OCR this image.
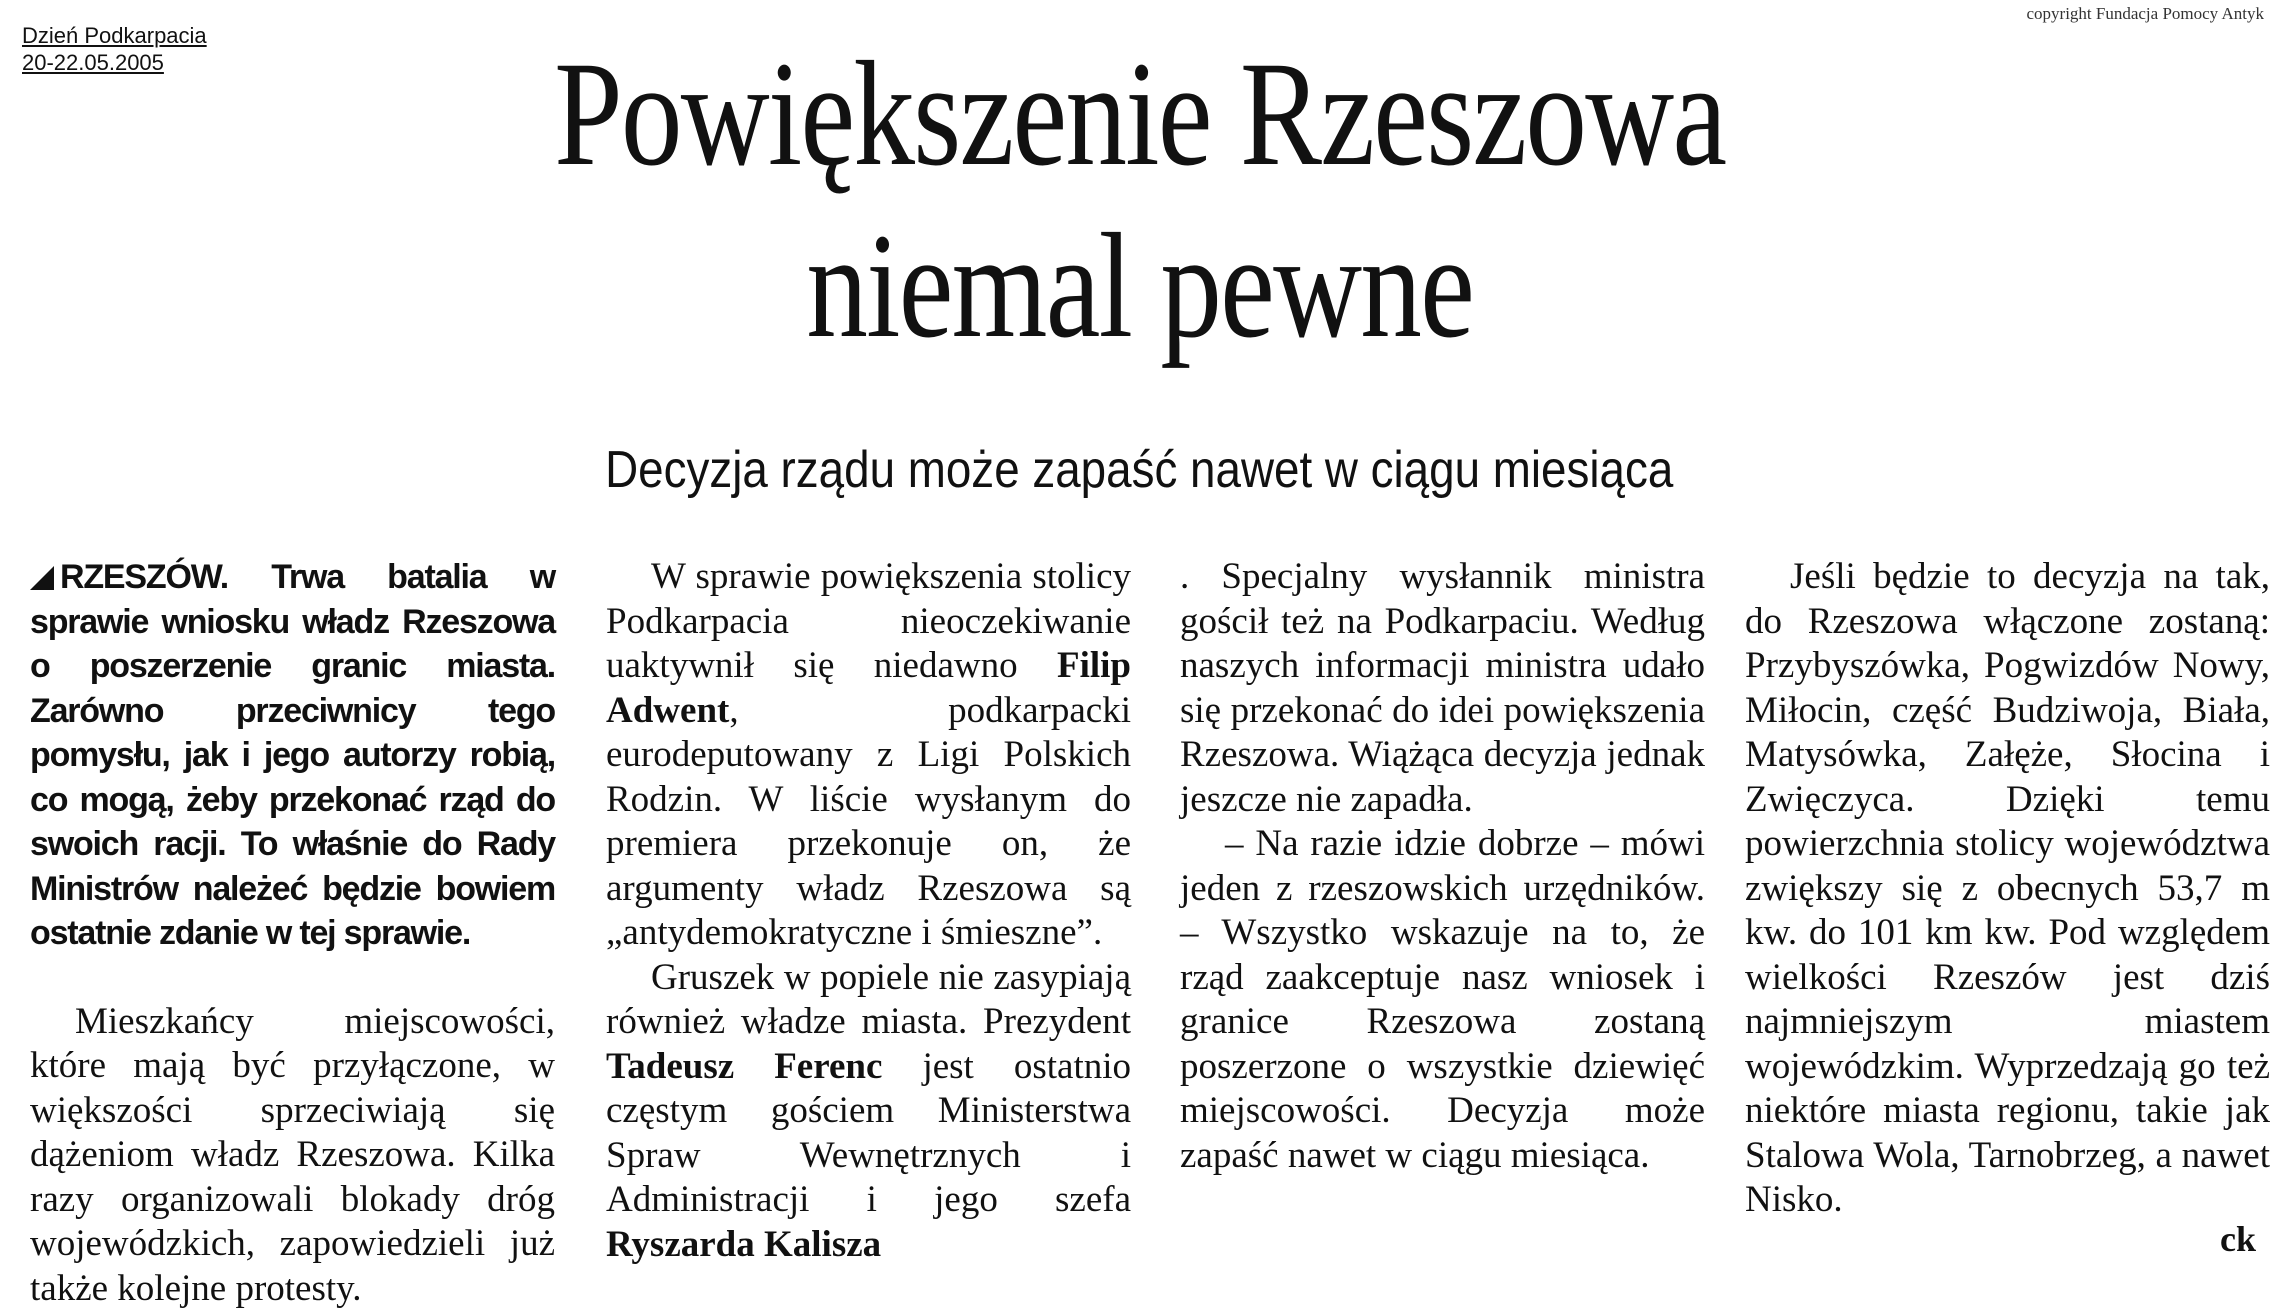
Dzień Podkarpacia
20-22.05.2005
copyright Fundacja Pomocy Antyk
Powiększenie Rzeszowa
niemal pewne
Decyzja rządu może zapaść nawet w ciągu miesiąca
RZESZÓW. Trwa batalia w sprawie wniosku władz Rzeszowa o poszerzenie granic miasta. Zarówno przeciwnicy tego pomysłu, jak i jego autorzy robią, co mogą, żeby przekonać rząd do swoich racji. To właśnie do Rady Ministrów należeć będzie bowiem ostatnie zdanie w tej sprawie.

Mieszkańcy miejscowości, które mają być przyłączone, w większości sprzeciwiają się dążeniom władz Rzeszowa. Kilka razy organizowali blokady dróg wojewódzkich, zapowiedzieli już także kolejne protesty.

W sprawie powiększenia stolicy Podkarpacia nieoczekiwanie uaktywnił się niedawno Filip Adwent, podkarpacki eurodeputowany z Ligi Polskich Rodzin. W liście wysłanym do premiera przekonuje on, że argumenty władz Rzeszowa są „antydemokratyczne i śmieszne”.

Gruszek w popiele nie zasypiają również władze miasta. Prezydent Tadeusz Ferenc jest ostatnio częstym gościem Ministerstwa Spraw Wewnętrznych i Administracji i jego szefa Ryszarda Kalisza

. Specjalny wysłannik ministra gościł też na Podkarpaciu. Według naszych informacji ministra udało się przekonać do idei powiększenia Rzeszowa. Wiążąca decyzja jednak jeszcze nie zapadła.

– Na razie idzie dobrze – mówi jeden z rzeszowskich urzędników. – Wszystko wskazuje na to, że rząd zaakceptuje nasz wniosek i granice Rzeszowa zostaną poszerzone o wszystkie dziewięć miejscowości. Decyzja może zapaść nawet w ciągu miesiąca.

Jeśli będzie to decyzja na tak, do Rzeszowa włączone zostaną: Przybyszówka, Pogwizdów Nowy, Miłocin, część Budziwoja, Biała, Matysówka, Załęże, Słocina i Zwięczyca. Dzięki temu powierzchnia stolicy województwa zwiększy się z obecnych 53,7 m kw. do 101 km kw. Pod względem wielkości Rzeszów jest dziś najmniejszym miastem wojewódzkim. Wyprzedzają go też niektóre miasta regionu, takie jak Stalowa Wola, Tarnobrzeg, a nawet Nisko.

ck
